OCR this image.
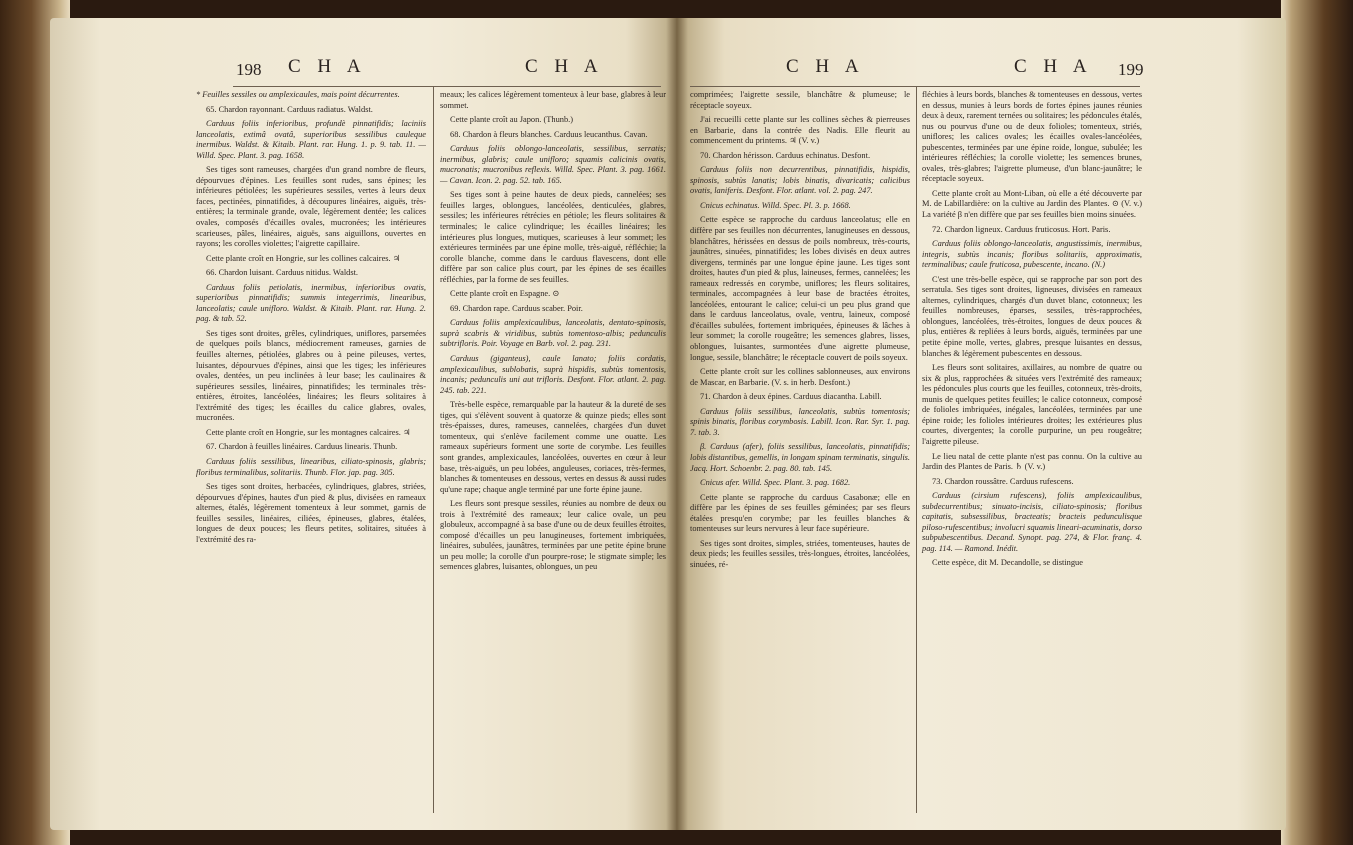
198 C H A	C H A	C H A	C H A 199

* Feuilles sessiles ou amplexicaules, mais point décurrentes.

65. Chardon rayonnant. Carduus radiatus. Waldst.

Carduus foliis inferioribus, profundè pinnatifidis; laciniis lanceolatis, extimâ ovatâ, superioribus sessilibus cauleque inermibus. Waldst. & Kitaib. Plant. rar. Hung. 1. p. 9. tab. 11. — Willd. Spec. Plant. 3. pag. 1658.

Ses tiges sont rameuses, chargées d'un grand nombre de fleurs, dépourvues d'épines. Les feuilles sont rudes, sans épines; les inférieures pétiolées; les supérieures sessiles, vertes à leurs deux faces, pectinées, pinnatifides, à découpures linéaires, aiguës, très-entières; la terminale grande, ovale, légèrement dentée; les calices ovales, composés d'écailles ovales, mucronées; les intérieures scarieuses, pâles, linéaires, aiguës, sans aiguillons, ouvertes en rayons; les corolles violettes; l'aigrette capillaire.

Cette plante croît en Hongrie, sur les collines calcaires. ♃

66. Chardon luisant. Carduus nitidus. Waldst.

Carduus foliis petiolatis, inermibus, inferioribus ovatis, superioribus pinnatifidis; summis integerrimis, linearibus, lanceolatis; caule unifloro. Waldst. & Kitaib. Plant. rar. Hung. 2. pag. & tab. 52.

Ses tiges sont droites, grêles, cylindriques, uniflores, parsemées de quelques poils blancs, médiocrement rameuses, garnies de feuilles alternes, pétiolées, glabres ou à peine pileuses, vertes, luisantes, dépourvues d'épines, ainsi que les tiges; les inférieures ovales, dentées, un peu inclinées à leur base; les caulinaires & supérieures sessiles, linéaires, pinnatifides; les terminales très-entières, étroites, lancéolées, linéaires; les fleurs solitaires à l'extrémité des tiges; les écailles du calice glabres, ovales, mucronées.

Cette plante croît en Hongrie, sur les montagnes calcaires. ♃

67. Chardon à feuilles linéaires. Carduus linearis. Thunb.

Carduus foliis sessilibus, linearibus, ciliato-spinosis, glabris; floribus terminalibus, solitariis. Thunb. Flor. jap. pag. 305.

Ses tiges sont droites, herbacées, cylindriques, glabres, striées, dépourvues d'épines, hautes d'un pied & plus, divisées en rameaux alternes, étalés, légèrement tomenteux à leur sommet, garnis de feuilles sessiles, linéaires, ciliées, épineuses, glabres, étalées, longues de deux pouces; les fleurs petites, solitaires, situées à l'extrémité des ra-

meaux; les calices légèrement tomenteux à leur base, glabres à leur sommet.

Cette plante croît au Japon. (Thunb.)

68. Chardon à fleurs blanches. Carduus leucanthus. Cavan.

Carduus foliis oblongo-lanceolatis, sessilibus, serratis; inermibus, glabris; caule unifloro; squamis calicinis ovatis, mucronatis; mucronibus reflexis. Willd. Spec. Plant. 3. pag. 1661. — Cavan. Icon. 2. pag. 52. tab. 165.

Ses tiges sont à peine hautes de deux pieds, cannelées; ses feuilles larges, oblongues, lancéolées, denticulées, glabres, sessiles; les inférieures rétrécies en pétiole; les fleurs solitaires & terminales; le calice cylindrique; les écailles linéaires; les intérieures plus longues, mutiques, scarieuses à leur sommet; les extérieures terminées par une épine molle, très-aiguë, réfléchie; la corolle blanche, comme dans le carduus flavescens, dont elle diffère par son calice plus court, par les épines de ses écailles réfléchies, par la forme de ses feuilles.

Cette plante croît en Espagne. ⊙

69. Chardon rape. Carduus scaber. Poir.

Carduus foliis amplexicaulibus, lanceolatis, dentato-spinosis, suprà scabris & viridibus, subtùs tomentoso-albis; pedunculis subtrifloris. Poir. Voyage en Barb. vol. 2. pag. 231.

Carduus (giganteus), caule lanato; foliis cordatis, amplexicaulibus, sublobatis, suprà hispidis, subtùs tomentosis, incanis; pedunculis uni aut trifloris. Desfont. Flor. atlant. 2. pag. 245. tab. 221.

Très-belle espèce, remarquable par la hauteur & la dureté de ses tiges, qui s'élèvent souvent à quatorze & quinze pieds; elles sont très-épaisses, dures, rameuses, cannelées, chargées d'un duvet tomenteux, qui s'enlève facilement comme une ouatte. Les rameaux supérieurs forment une sorte de corymbe. Les feuilles sont grandes, amplexicaules, lancéolées, ouvertes en cœur à leur base, très-aiguës, un peu lobées, anguleuses, coriaces, très-fermes, blanches & tomenteuses en dessous, vertes en dessus & aussi rudes qu'une rape; chaque angle terminé par une forte épine jaune.

Les fleurs sont presque sessiles, réunies au nombre de deux ou trois à l'extrémité des rameaux; leur calice ovale, un peu globuleux, accompagné à sa base d'une ou de deux feuilles étroites, composé d'écailles un peu lanugineuses, fortement imbriquées, linéaires, subulées, jaunâtres, terminées par une petite épine brune un peu molle; la corolle d'un pourpre-rose; le stigmate simple; les semences glabres, luisantes, oblongues, un peu

comprimées; l'aigrette sessile, blanchâtre & plumeuse; le réceptacle soyeux.

J'ai recueilli cette plante sur les collines sèches & pierreuses en Barbarie, dans la contrée des Nadis. Elle fleurit au commencement du printems. ♃ (V. v.)

70. Chardon hérisson. Carduus echinatus. Desfont.

Carduus foliis non decurrentibus, pinnatifidis, hispidis, spinosis, subtùs lanatis; lobis binatis, divaricatis; calicibus ovatis, laniferis. Desfont. Flor. atlant. vol. 2. pag. 247.

Cnicus echinatus. Willd. Spec. Pl. 3. p. 1668.

Cette espèce se rapproche du carduus lanceolatus; elle en diffère par ses feuilles non décurrentes, lanugineuses en dessous, blanchâtres, hérissées en dessus de poils nombreux, très-courts, jaunâtres, sinuées, pinnatifides; les lobes divisés en deux autres divergens, terminés par une longue épine jaune. Les tiges sont droites, hautes d'un pied & plus, laineuses, fermes, cannelées; les rameaux redressés en corymbe, uniflores; les fleurs solitaires, terminales, accompagnées à leur base de bractées étroites, lancéolées, entourant le calice; celui-ci un peu plus grand que dans le carduus lanceolatus, ovale, ventru, laineux, composé d'écailles subulées, fortement imbriquées, épineuses & lâches à leur sommet; la corolle rougeâtre; les semences glabres, lisses, oblongues, luisantes, surmontées d'une aigrette plumeuse, longue, sessile, blanchâtre; le réceptacle couvert de poils soyeux.

Cette plante croît sur les collines sablonneuses, aux environs de Mascar, en Barbarie. (V. s. in herb. Desfont.)

71. Chardon à deux épines. Carduus diacantha. Labill.

Carduus foliis sessilibus, lanceolatis, subtùs tomentosis; spinis binatis, floribus corymbosis. Labill. Icon. Rar. Syr. 1. pag. 7. tab. 3.

β. Carduus (afer), foliis sessilibus, lanceolatis, pinnatifidis; lobis distantibus, gemellis, in longam spinam terminatis, singulis. Jacq. Hort. Schoenbr. 2. pag. 80. tab. 145.

Cnicus afer. Willd. Spec. Plant. 3. pag. 1682.

Cette plante se rapproche du carduus Casabonæ; elle en diffère par les épines de ses feuilles géminées; par ses fleurs étalées presqu'en corymbe; par les feuilles blanches & tomenteuses sur leurs nervures à leur face supérieure.

Ses tiges sont droites, simples, striées, tomenteuses, hautes de deux pieds; les feuilles sessiles, très-longues, étroites, lancéolées, sinuées, ré-

fléchies à leurs bords, blanches & tomenteuses en dessous, vertes en dessus, munies à leurs bords de fortes épines jaunes réunies deux à deux, rarement ternées ou solitaires; les pédoncules étalés, nus ou pourvus d'une ou de deux folioles; tomenteux, striés, uniflores; les calices ovales; les écailles ovales-lancéolées, pubescentes, terminées par une épine roide, longue, subulée; les intérieures réfléchies; la corolle violette; les semences brunes, ovales, très-glabres; l'aigrette plumeuse, d'un blanc-jaunâtre; le réceptacle soyeux.

Cette plante croît au Mont-Liban, où elle a été découverte par M. de Labillardière: on la cultive au Jardin des Plantes. ⊙ (V. v.) La variété β n'en diffère que par ses feuilles bien moins sinuées.

72. Chardon ligneux. Carduus fruticosus. Hort. Paris.

Carduus foliis oblongo-lanceolatis, angustissimis, inermibus, integris, subtùs incanis; floribus solitariis, approximatis, terminalibus; caule fruticosa, pubescente, incano. (N.)

C'est une très-belle espèce, qui se rapproche par son port des serratula. Ses tiges sont droites, ligneuses, divisées en rameaux alternes, cylindriques, chargés d'un duvet blanc, cotonneux; les feuilles nombreuses, éparses, sessiles, très-rapprochées, oblongues, lancéolées, très-étroites, longues de deux pouces & plus, entières & repliées à leurs bords, aiguës, terminées par une petite épine molle, vertes, glabres, presque luisantes en dessus, blanches & légèrement pubescentes en dessous.

Les fleurs sont solitaires, axillaires, au nombre de quatre ou six & plus, rapprochées & situées vers l'extrémité des rameaux; les pédoncules plus courts que les feuilles, cotonneux, très-droits, munis de quelques petites feuilles; le calice cotonneux, composé de folioles imbriquées, inégales, lancéolées, terminées par une épine roide; les folioles intérieures droites; les extérieures plus courtes, divergentes; la corolle purpurine, un peu rougeâtre; l'aigrette pileuse.

Le lieu natal de cette plante n'est pas connu. On la cultive au Jardin des Plantes de Paris. ♄ (V. v.)

73. Chardon roussâtre. Carduus rufescens.

Carduus (cirsium rufescens), foliis amplexicaulibus, subdecurrentibus; sinuato-incisis, ciliato-spinosis; floribus capitatis, subsessilibus, bracteatis; bracteis pedunculisque piloso-rufescentibus; involucri squamis lineari-acuminatis, dorso subpubescentibus. Decand. Synopt. pag. 274, & Flor. franç. 4. pag. 114. — Ramond. Inédit.

Cette espèce, dit M. Decandolle, se distingue
